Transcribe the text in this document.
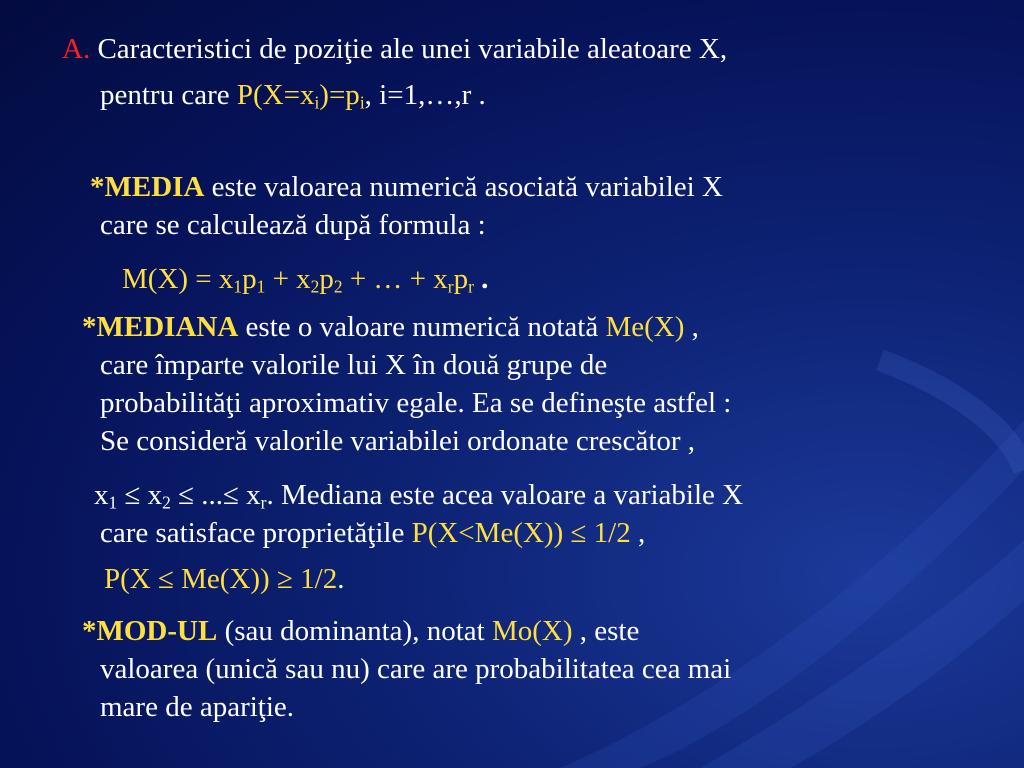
A. Caracteristici de poziţie ale unei variabile aleatoare X,
pentru care $P(X=x_i)=p_i$, i=1,…,r .
*MEDIA este valoarea numerică asociată variabilei X
care se calculează după formula :
$M(X) = x_1p_1 + x_2p_2$ + … + $x_rp_r$ .
*MEDIANA este o valoare numerică notată Me(X) ,
care împarte valorile lui X în două grupe de
probabilităţi aproximativ egale. Ea se defineşte astfel :
Se consideră valorile variabilei ordonate crescător ,
$x_1 \le x_2$ ≤ ...≤ $x_r$. Mediana este acea valoare a variabile X
care satisface proprietăţile P(X<Me(X)) ≤ 1/2 ,
P(X ≤ Me(X)) ≥ 1/2.
*MOD-UL (sau dominanta), notat Mo(X) , este
valoarea (unică sau nu) care are probabilitatea cea mai
mare de apariţie.
